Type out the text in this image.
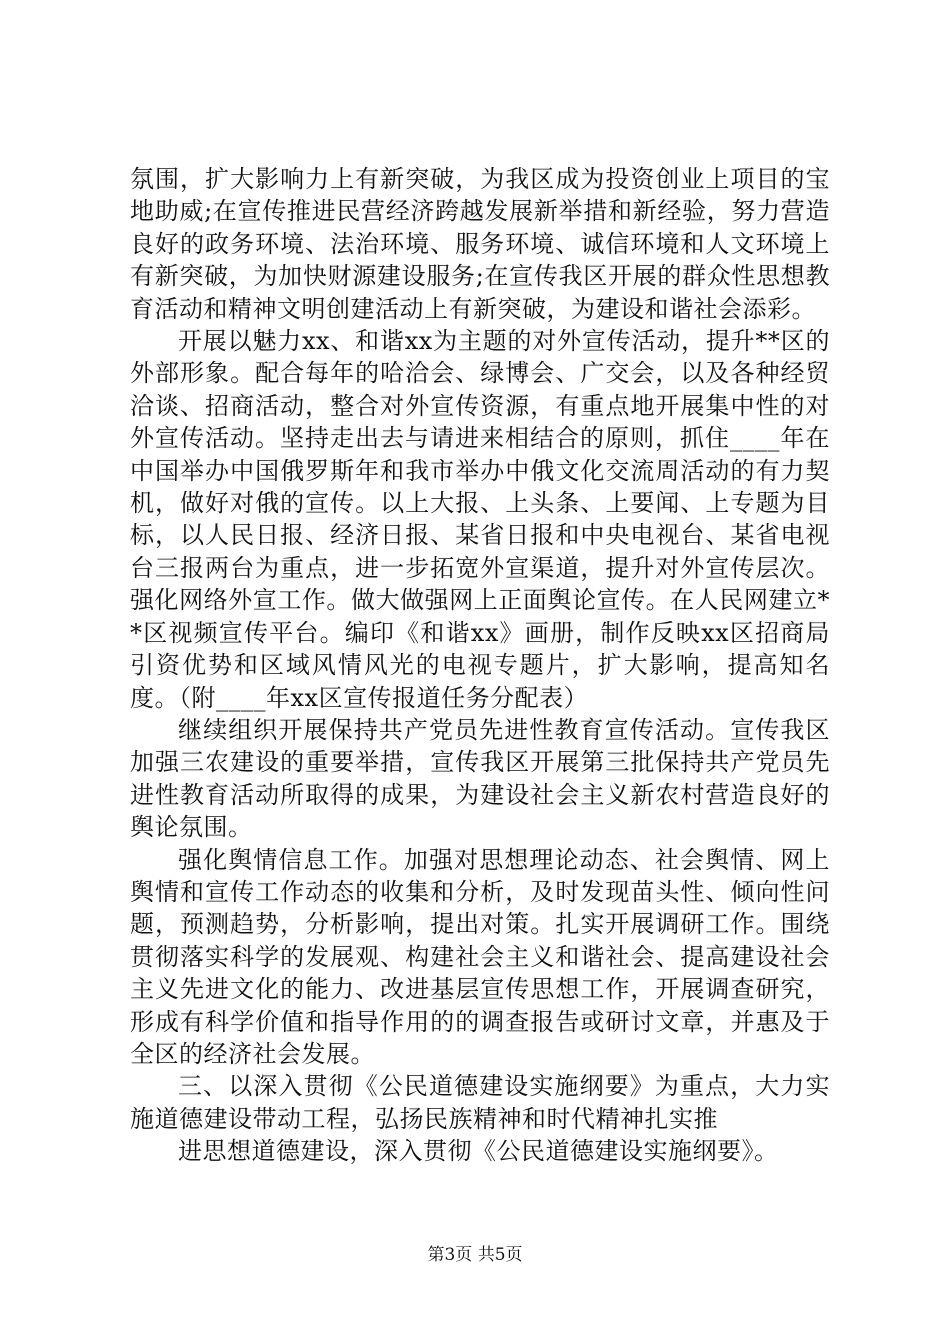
氛围，扩大影响力上有新突破，为我区成为投资创业上项目的宝地助威;在宣传推进民营经济跨越发展新举措和新经验，努力营造良好的政务环境、法治环境、服务环境、诚信环境和人文环境上有新突破，为加快财源建设服务;在宣传我区开展的群众性思想教育活动和精神文明创建活动上有新突破，为建设和谐社会添彩。

开展以魅力xx、和谐xx为主题的对外宣传活动，提升**区的外部形象。配合每年的哈洽会、绿博会、广交会，以及各种经贸洽谈、招商活动，整合对外宣传资源，有重点地开展集中性的对外宣传活动。坚持走出去与请进来相结合的原则，抓住____年在中国举办中国俄罗斯年和我市举办中俄文化交流周活动的有力契机，做好对俄的宣传。以上大报、上头条、上要闻、上专题为目标，以人民日报、经济日报、某省日报和中央电视台、某省电视台三报两台为重点，进一步拓宽外宣渠道，提升对外宣传层次。强化网络外宣工作。做大做强网上正面舆论宣传。在人民网建立**区视频宣传平台。编印《和谐xx》画册，制作反映xx区招商局引资优势和区域风情风光的电视专题片，扩大影响，提高知名度。（附____年xx区宣传报道任务分配表）

继续组织开展保持共产党员先进性教育宣传活动。宣传我区加强三农建设的重要举措，宣传我区开展第三批保持共产党员先进性教育活动所取得的成果，为建设社会主义新农村营造良好的舆论氛围。

强化舆情信息工作。加强对思想理论动态、社会舆情、网上舆情和宣传工作动态的收集和分析，及时发现苗头性、倾向性问题，预测趋势，分析影响，提出对策。扎实开展调研工作。围绕贯彻落实科学的发展观、构建社会主义和谐社会、提高建设社会主义先进文化的能力、改进基层宣传思想工作，开展调查研究，形成有科学价值和指导作用的的调查报告或研讨文章，并惠及于全区的经济社会发展。

三、以深入贯彻《公民道德建设实施纲要》为重点，大力实施道德建设带动工程，弘扬民族精神和时代精神扎实推

进思想道德建设，深入贯彻《公民道德建设实施纲要》。

第3页 共5页
